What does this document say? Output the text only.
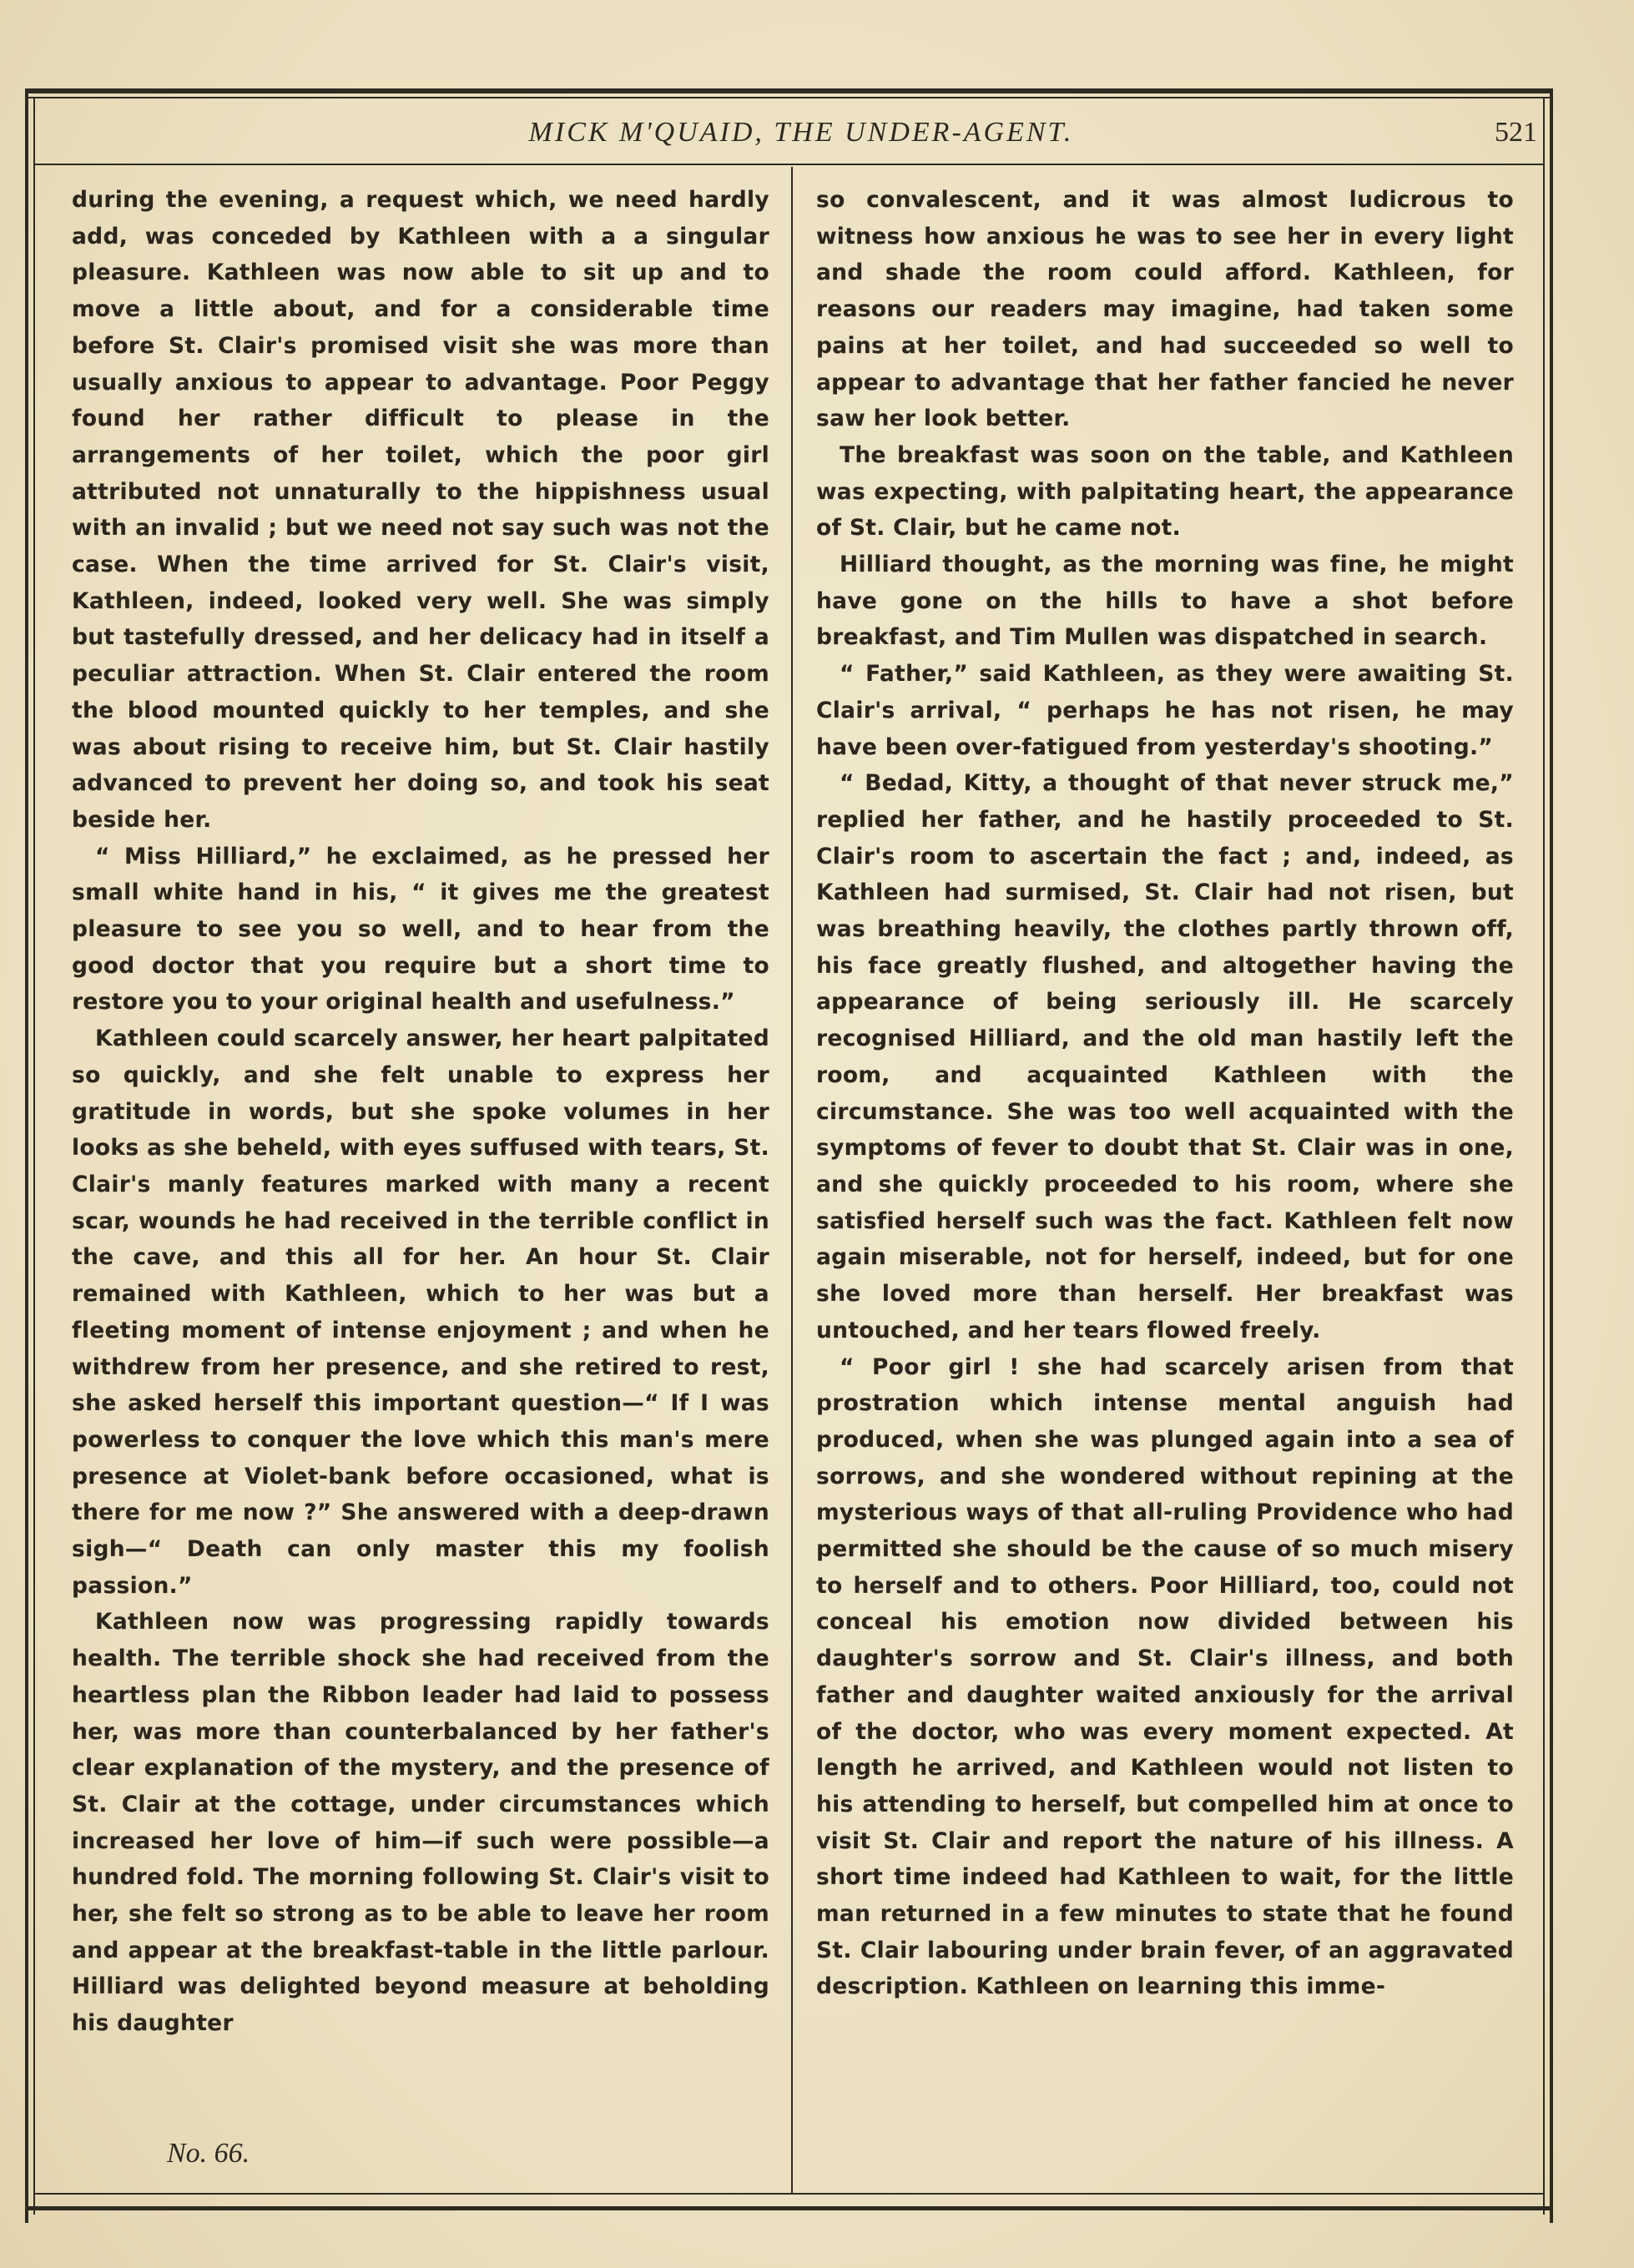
MICK M'QUAID, THE UNDER-AGENT.	521

during the evening, a request which, we need hardly add, was conceded by Kathleen with a a singular pleasure. Kathleen was now able to sit up and to move a little about, and for a considerable time before St. Clair's promised visit she was more than usually anxious to appear to advantage. Poor Peggy found her rather difficult to please in the arrangements of her toilet, which the poor girl attributed not unnaturally to the hippishness usual with an invalid ; but we need not say such was not the case. When the time arrived for St. Clair's visit, Kathleen, indeed, looked very well. She was simply but tastefully dressed, and her delicacy had in itself a peculiar attraction. When St. Clair entered the room the blood mounted quickly to her temples, and she was about rising to receive him, but St. Clair hastily advanced to prevent her doing so, and took his seat beside her.

“ Miss Hilliard,” he exclaimed, as he pressed her small white hand in his, “ it gives me the greatest pleasure to see you so well, and to hear from the good doctor that you require but a short time to restore you to your original health and usefulness.”

Kathleen could scarcely answer, her heart palpitated so quickly, and she felt unable to express her gratitude in words, but she spoke volumes in her looks as she beheld, with eyes suffused with tears, St. Clair's manly features marked with many a recent scar, wounds he had received in the terrible conflict in the cave, and this all for her. An hour St. Clair remained with Kathleen, which to her was but a fleeting moment of intense enjoyment ; and when he withdrew from her presence, and she retired to rest, she asked herself this important question—“ If I was powerless to conquer the love which this man's mere presence at Violet-bank before occasioned, what is there for me now ?” She answered with a deep-drawn sigh—“ Death can only master this my foolish passion.”

Kathleen now was progressing rapidly towards health. The terrible shock she had received from the heartless plan the Ribbon leader had laid to possess her, was more than counterbalanced by her father's clear explanation of the mystery, and the presence of St. Clair at the cottage, under circumstances which increased her love of him—if such were possible—a hundred fold. The morning following St. Clair's visit to her, she felt so strong as to be able to leave her room and appear at the breakfast-table in the little parlour. Hilliard was delighted beyond measure at beholding his daughter

so convalescent, and it was almost ludicrous to witness how anxious he was to see her in every light and shade the room could afford. Kathleen, for reasons our readers may imagine, had taken some pains at her toilet, and had succeeded so well to appear to advantage that her father fancied he never saw her look better.

The breakfast was soon on the table, and Kathleen was expecting, with palpitating heart, the appearance of St. Clair, but he came not.

Hilliard thought, as the morning was fine, he might have gone on the hills to have a shot before breakfast, and Tim Mullen was dispatched in search.

“ Father,” said Kathleen, as they were awaiting St. Clair's arrival, “ perhaps he has not risen, he may have been over-fatigued from yesterday's shooting.”

“ Bedad, Kitty, a thought of that never struck me,” replied her father, and he hastily proceeded to St. Clair's room to ascertain the fact ; and, indeed, as Kathleen had surmised, St. Clair had not risen, but was breathing heavily, the clothes partly thrown off, his face greatly flushed, and altogether having the appearance of being seriously ill. He scarcely recognised Hilliard, and the old man hastily left the room, and acquainted Kathleen with the circumstance. She was too well acquainted with the symptoms of fever to doubt that St. Clair was in one, and she quickly proceeded to his room, where she satisfied herself such was the fact. Kathleen felt now again miserable, not for herself, indeed, but for one she loved more than herself. Her breakfast was untouched, and her tears flowed freely.

“ Poor girl ! she had scarcely arisen from that prostration which intense mental anguish had produced, when she was plunged again into a sea of sorrows, and she wondered without repining at the mysterious ways of that all-ruling Providence who had permitted she should be the cause of so much misery to herself and to others. Poor Hilliard, too, could not conceal his emotion now divided between his daughter's sorrow and St. Clair's illness, and both father and daughter waited anxiously for the arrival of the doctor, who was every moment expected. At length he arrived, and Kathleen would not listen to his attending to herself, but compelled him at once to visit St. Clair and report the nature of his illness. A short time indeed had Kathleen to wait, for the little man returned in a few minutes to state that he found St. Clair labouring under brain fever, of an aggravated description. Kathleen on learning this imme-

No. 66.
